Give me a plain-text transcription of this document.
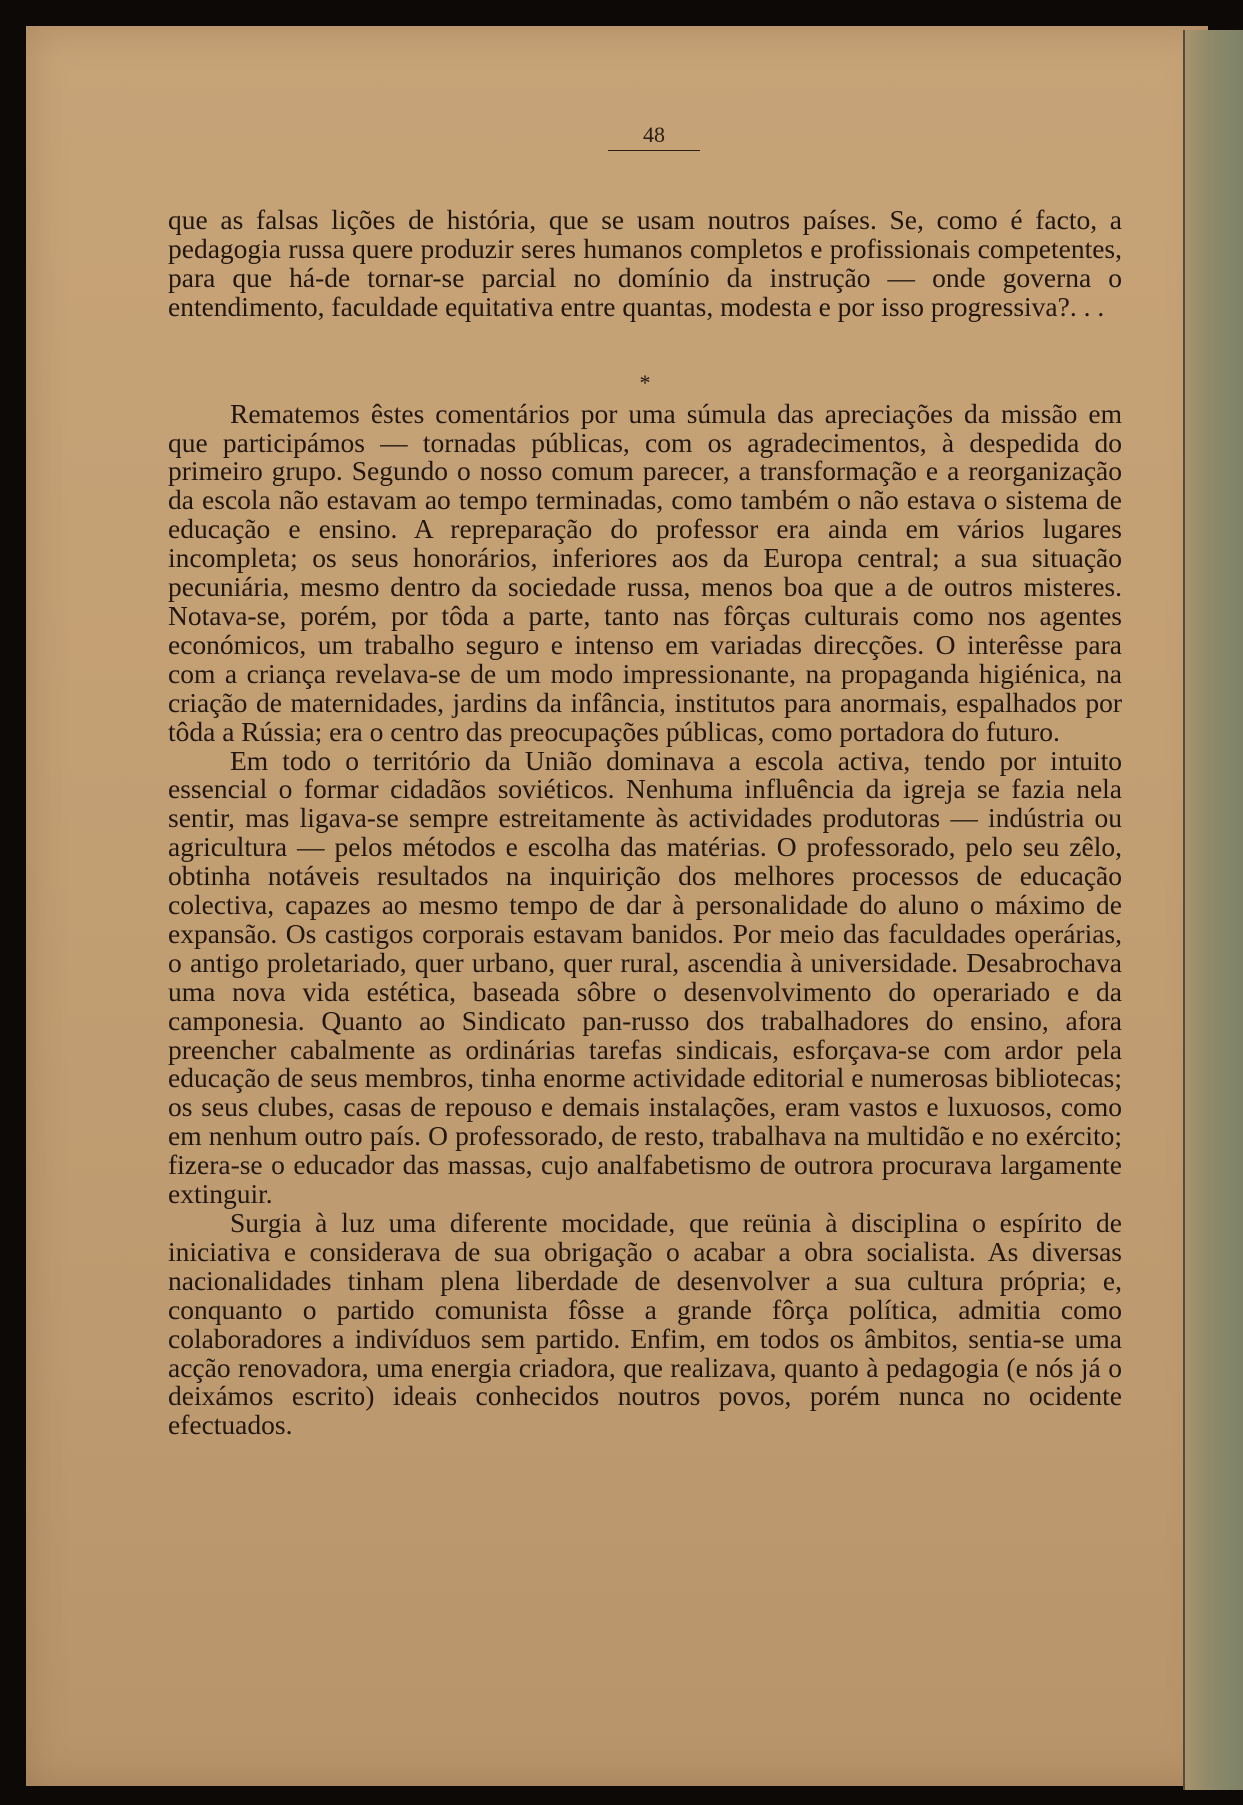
48

que as falsas lições de história, que se usam noutros países. Se, como é facto, a pedagogia russa quere produzir seres humanos completos e profissionais competentes, para que há-de tornar-se parcial no domínio da instrução — onde governa o entendimento, faculdade equitativa entre quantas, modesta e por isso progressiva?. . .

*

Rematemos êstes comentários por uma súmula das apreciações da missão em que participámos — tornadas públicas, com os agradecimentos, à despedida do primeiro grupo. Segundo o nosso comum parecer, a transformação e a reorganização da escola não estavam ao tempo terminadas, como também o não estava o sistema de educação e ensino. A repreparação do professor era ainda em vários lugares incompleta; os seus honorários, inferiores aos da Europa central; a sua situação pecuniária, mesmo dentro da sociedade russa, menos boa que a de outros misteres. Notava-se, porém, por tôda a parte, tanto nas fôrças culturais como nos agentes económicos, um trabalho seguro e intenso em variadas direcções. O interêsse para com a criança revelava-se de um modo impressionante, na propaganda higiénica, na criação de maternidades, jardins da infância, institutos para anormais, espalhados por tôda a Rússia; era o centro das preocupações públicas, como portadora do futuro.

Em todo o território da União dominava a escola activa, tendo por intuito essencial o formar cidadãos soviéticos. Nenhuma influência da igreja se fazia nela sentir, mas ligava-se sempre estreitamente às actividades produtoras — indústria ou agricultura — pelos métodos e escolha das matérias. O professorado, pelo seu zêlo, obtinha notáveis resultados na inquirição dos melhores processos de educação colectiva, capazes ao mesmo tempo de dar à personalidade do aluno o máximo de expansão. Os castigos corporais estavam banidos. Por meio das faculdades operárias, o antigo proletariado, quer urbano, quer rural, ascendia à universidade. Desabrochava uma nova vida estética, baseada sôbre o desenvolvimento do operariado e da camponesia. Quanto ao Sindicato pan-russo dos trabalhadores do ensino, afora preencher cabalmente as ordinárias tarefas sindicais, esforçava-se com ardor pela educação de seus membros, tinha enorme actividade editorial e numerosas bibliotecas; os seus clubes, casas de repouso e demais instalações, eram vastos e luxuosos, como em nenhum outro país. O professorado, de resto, trabalhava na multidão e no exército; fizera-se o educador das massas, cujo analfabetismo de outrora procurava largamente extinguir.

Surgia à luz uma diferente mocidade, que reünia à disciplina o espírito de iniciativa e considerava de sua obrigação o acabar a obra socialista. As diversas nacionalidades tinham plena liberdade de desenvolver a sua cultura própria; e, conquanto o partido comunista fôsse a grande fôrça política, admitia como colaboradores a indivíduos sem partido. Enfim, em todos os âmbitos, sentia-se uma acção renovadora, uma energia criadora, que realizava, quanto à pedagogia (e nós já o deixámos escrito) ideais conhecidos noutros povos, porém nunca no ocidente efectuados.
